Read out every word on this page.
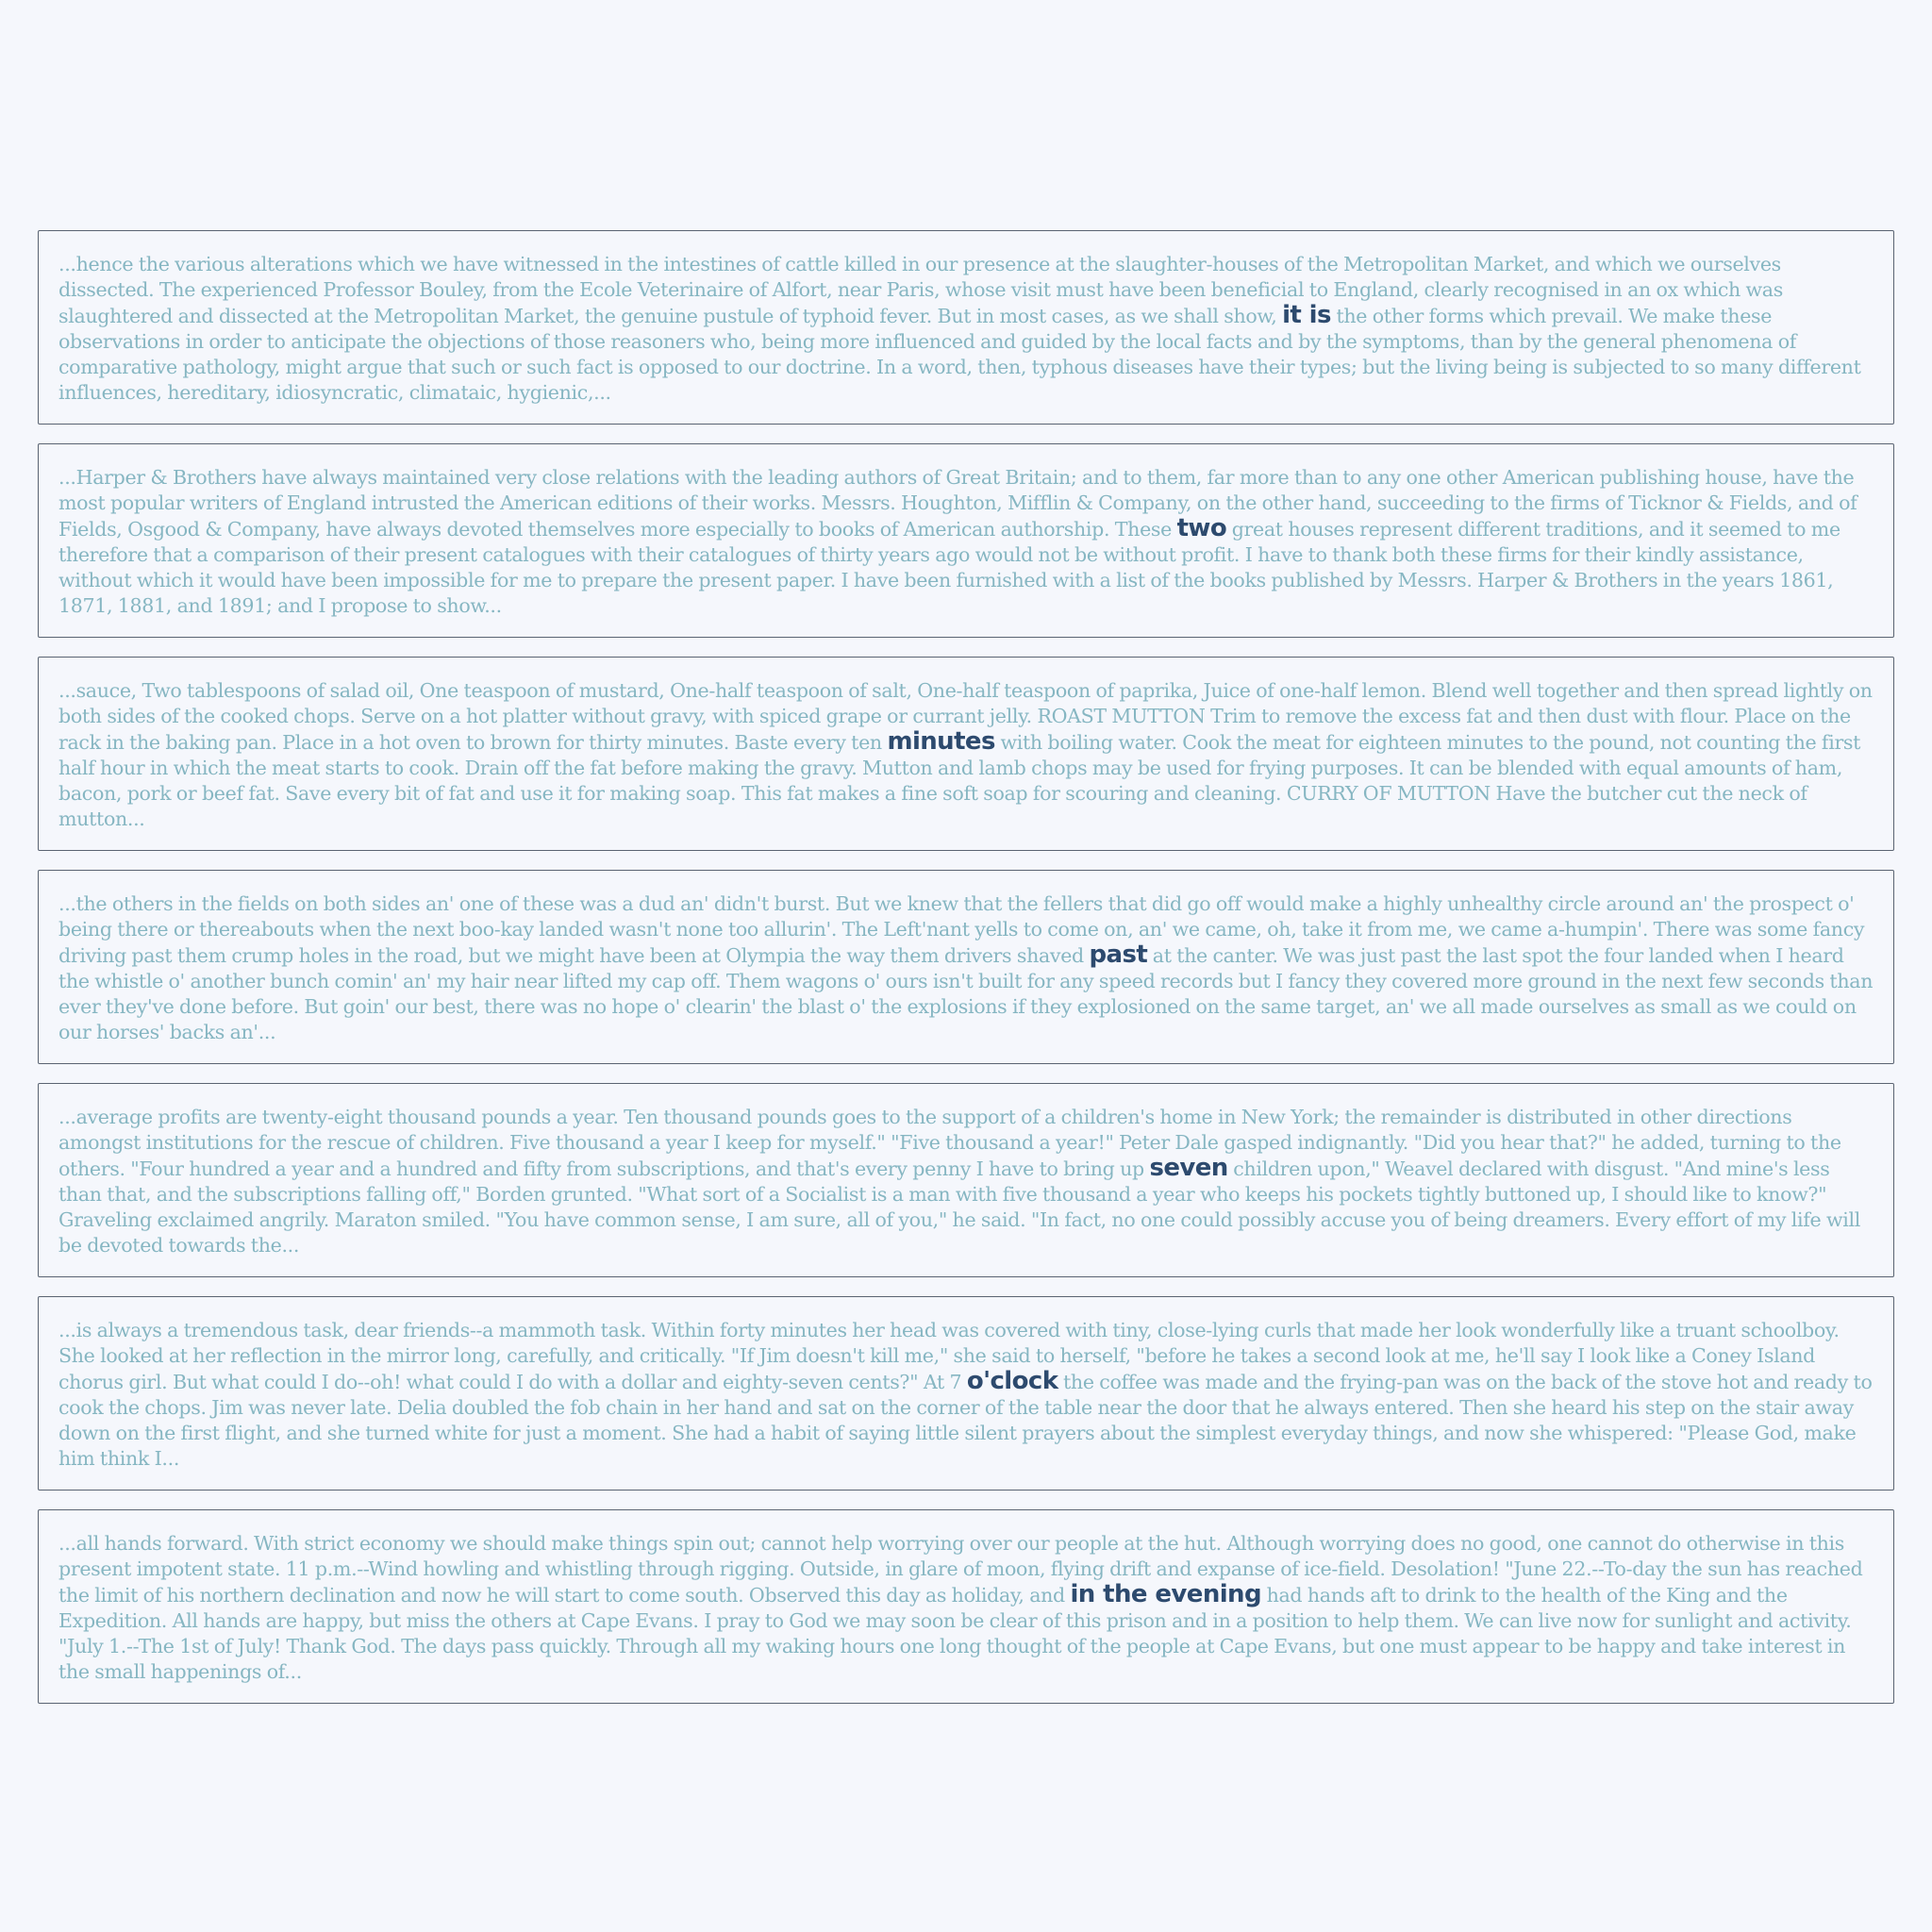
...hence the various alterations which we have witnessed in the intestines of cattle killed in our presence at the slaughter-houses of the Metropolitan Market, and which we ourselves dissected. The experienced Professor Bouley, from the Ecole Veterinaire of Alfort, near Paris, whose visit must have been beneficial to England, clearly recognised in an ox which was slaughtered and dissected at the Metropolitan Market, the genuine pustule of typhoid fever. But in most cases, as we shall show, it is the other forms which prevail. We make these observations in order to anticipate the objections of those reasoners who, being more influenced and guided by the local facts and by the symptoms, than by the general phenomena of comparative pathology, might argue that such or such fact is opposed to our doctrine. In a word, then, typhous diseases have their types; but the living being is subjected to so many different influences, hereditary, idiosyncratic, climataic, hygienic,...

...Harper & Brothers have always maintained very close relations with the leading authors of Great Britain; and to them, far more than to any one other American publishing house, have the most popular writers of England intrusted the American editions of their works. Messrs. Houghton, Mifflin & Company, on the other hand, succeeding to the firms of Ticknor & Fields, and of Fields, Osgood & Company, have always devoted themselves more especially to books of American authorship. These two great houses represent different traditions, and it seemed to me therefore that a comparison of their present catalogues with their catalogues of thirty years ago would not be without profit. I have to thank both these firms for their kindly assistance, without which it would have been impossible for me to prepare the present paper. I have been furnished with a list of the books published by Messrs. Harper & Brothers in the years 1861, 1871, 1881, and 1891; and I propose to show...

...sauce, Two tablespoons of salad oil, One teaspoon of mustard, One-half teaspoon of salt, One-half teaspoon of paprika, Juice of one-half lemon. Blend well together and then spread lightly on both sides of the cooked chops. Serve on a hot platter without gravy, with spiced grape or currant jelly. ROAST MUTTON Trim to remove the excess fat and then dust with flour. Place on the rack in the baking pan. Place in a hot oven to brown for thirty minutes. Baste every ten minutes with boiling water. Cook the meat for eighteen minutes to the pound, not counting the first half hour in which the meat starts to cook. Drain off the fat before making the gravy. Mutton and lamb chops may be used for frying purposes. It can be blended with equal amounts of ham, bacon, pork or beef fat. Save every bit of fat and use it for making soap. This fat makes a fine soft soap for scouring and cleaning. CURRY OF MUTTON Have the butcher cut the neck of mutton...

...the others in the fields on both sides an' one of these was a dud an' didn't burst. But we knew that the fellers that did go off would make a highly unhealthy circle around an' the prospect o' being there or thereabouts when the next boo-kay landed wasn't none too allurin'. The Left'nant yells to come on, an' we came, oh, take it from me, we came a-humpin'. There was some fancy driving past them crump holes in the road, but we might have been at Olympia the way them drivers shaved past at the canter. We was just past the last spot the four landed when I heard the whistle o' another bunch comin' an' my hair near lifted my cap off. Them wagons o' ours isn't built for any speed records but I fancy they covered more ground in the next few seconds than ever they've done before. But goin' our best, there was no hope o' clearin' the blast o' the explosions if they explosioned on the same target, an' we all made ourselves as small as we could on our horses' backs an'...

...average profits are twenty-eight thousand pounds a year. Ten thousand pounds goes to the support of a children's home in New York; the remainder is distributed in other directions amongst institutions for the rescue of children. Five thousand a year I keep for myself." "Five thousand a year!" Peter Dale gasped indignantly. "Did you hear that?" he added, turning to the others. "Four hundred a year and a hundred and fifty from subscriptions, and that's every penny I have to bring up seven children upon," Weavel declared with disgust. "And mine's less than that, and the subscriptions falling off," Borden grunted. "What sort of a Socialist is a man with five thousand a year who keeps his pockets tightly buttoned up, I should like to know?" Graveling exclaimed angrily. Maraton smiled. "You have common sense, I am sure, all of you," he said. "In fact, no one could possibly accuse you of being dreamers. Every effort of my life will be devoted towards the...

...is always a tremendous task, dear friends--a mammoth task. Within forty minutes her head was covered with tiny, close-lying curls that made her look wonderfully like a truant schoolboy. She looked at her reflection in the mirror long, carefully, and critically. "If Jim doesn't kill me," she said to herself, "before he takes a second look at me, he'll say I look like a Coney Island chorus girl. But what could I do--oh! what could I do with a dollar and eighty-seven cents?" At 7 o'clock the coffee was made and the frying-pan was on the back of the stove hot and ready to cook the chops. Jim was never late. Delia doubled the fob chain in her hand and sat on the corner of the table near the door that he always entered. Then she heard his step on the stair away down on the first flight, and she turned white for just a moment. She had a habit of saying little silent prayers about the simplest everyday things, and now she whispered: "Please God, make him think I...

...all hands forward. With strict economy we should make things spin out; cannot help worrying over our people at the hut. Although worrying does no good, one cannot do otherwise in this present impotent state. 11 p.m.--Wind howling and whistling through rigging. Outside, in glare of moon, flying drift and expanse of ice-field. Desolation! "June 22.--To-day the sun has reached the limit of his northern declination and now he will start to come south. Observed this day as holiday, and in the evening had hands aft to drink to the health of the King and the Expedition. All hands are happy, but miss the others at Cape Evans. I pray to God we may soon be clear of this prison and in a position to help them. We can live now for sunlight and activity. "July 1.--The 1st of July! Thank God. The days pass quickly. Through all my waking hours one long thought of the people at Cape Evans, but one must appear to be happy and take interest in the small happenings of...
